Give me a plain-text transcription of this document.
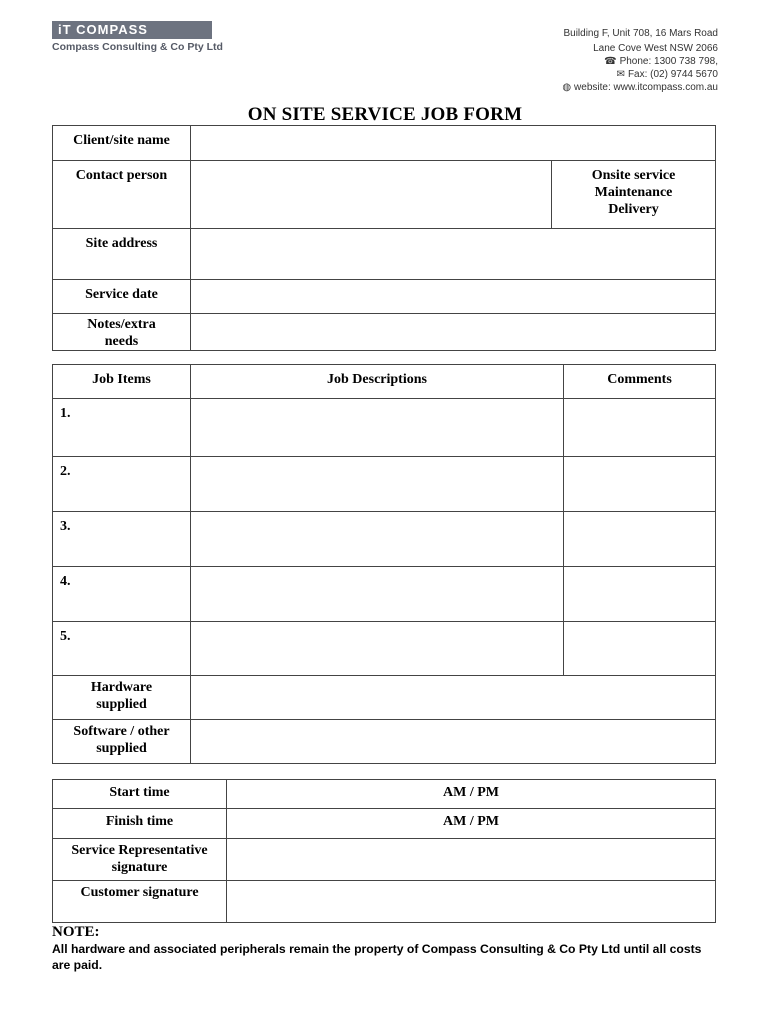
iT COMPASS
Compass Consulting & Co Pty Ltd
Building F, Unit 708, 16 Mars Road
Lane Cove West NSW 2066
☎ Phone: 1300 738 798,
✉ Fax: (02) 9744 5670
◍ website: www.itcompass.com.au
ON SITE SERVICE JOB FORM
Client/site name		
Contact person		Onsite service
Maintenance
Delivery

Site address		
Service date		

Notes/extra
needs		

Job Items	Job Descriptions	Comments
1.		
2.		
3.		
4.		
5.		

Hardware
supplied		

Software / other
supplied		

Start time	AM / PM
Finish time	AM / PM

Service Representative
signature	

Customer signature	
NOTE:
All hardware and associated peripherals remain the property of Compass Consulting & Co Pty Ltd until all costs are paid.
